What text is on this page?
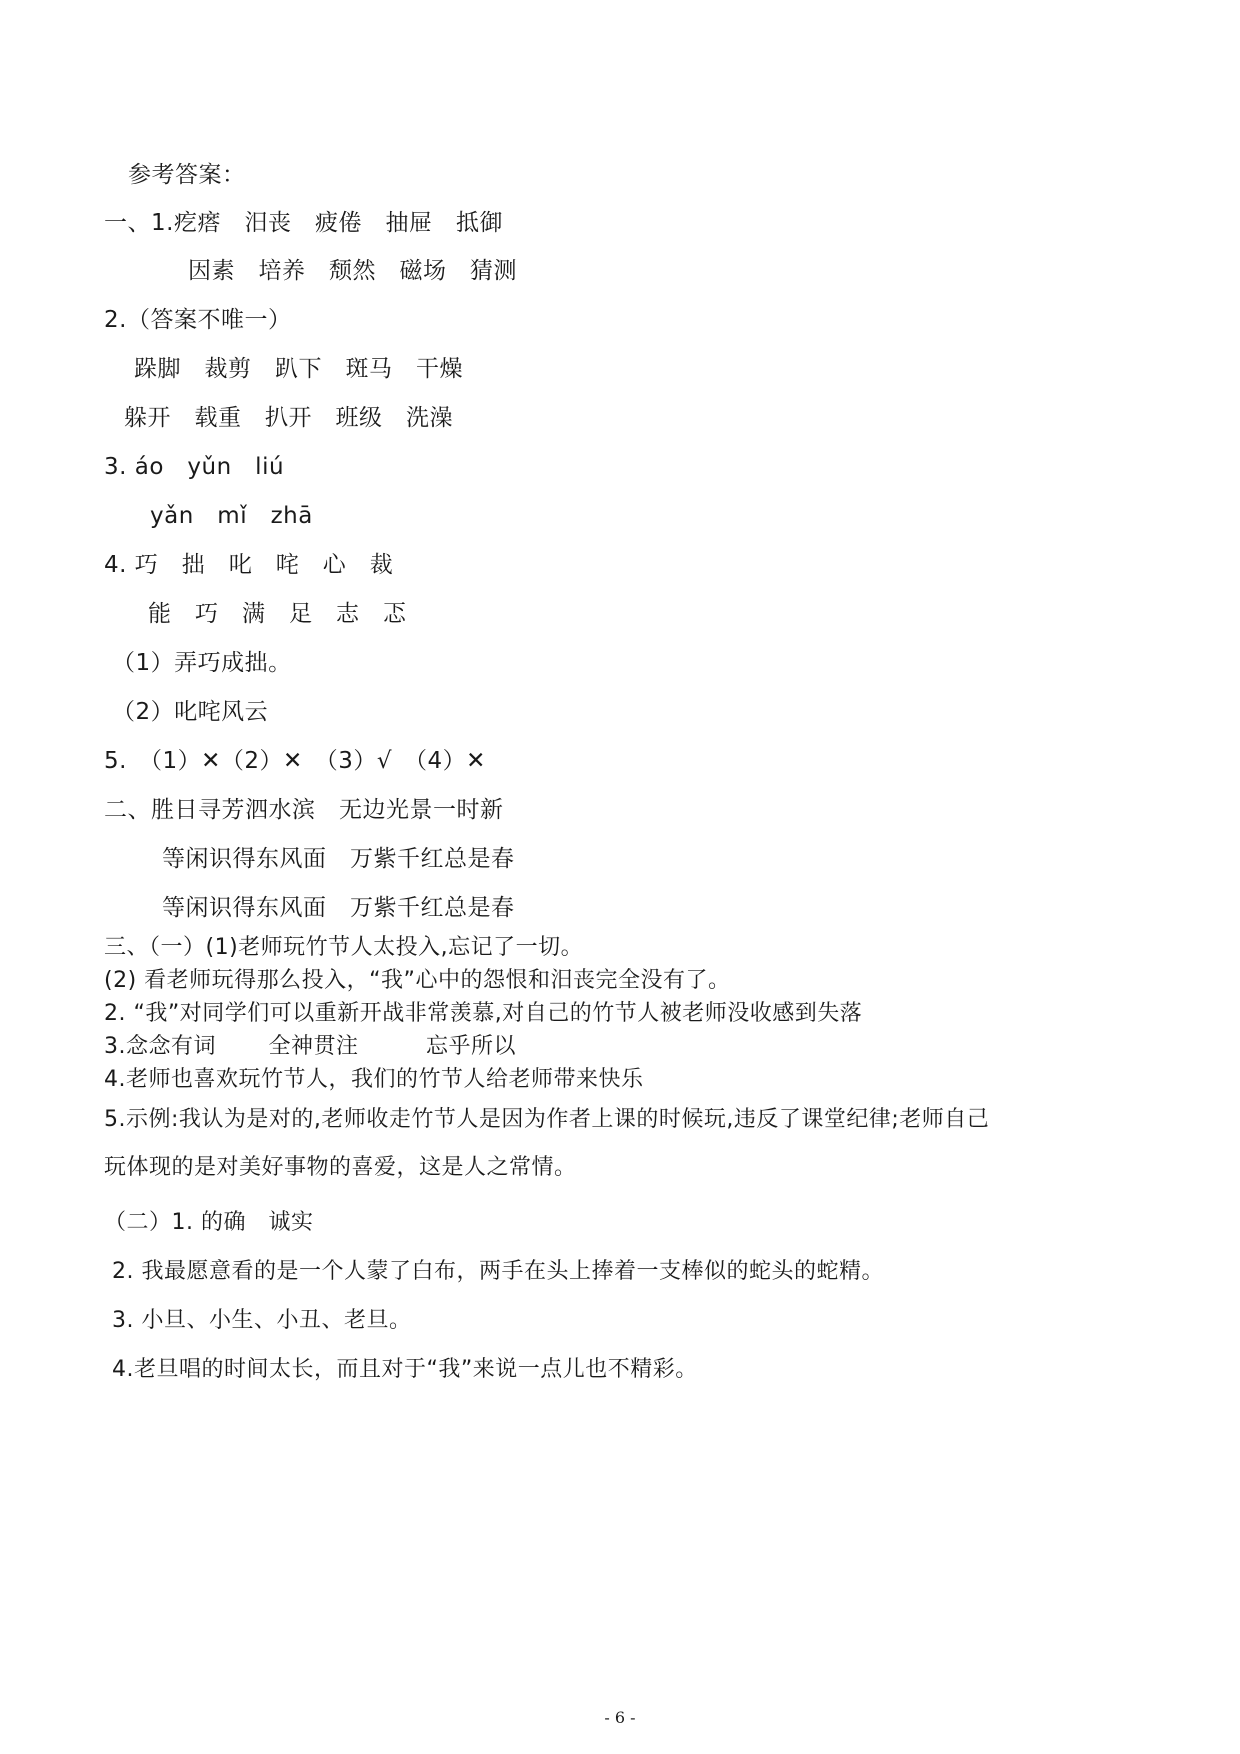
参考答案：
一、1.疙瘩　汨丧　疲倦　抽屉　抵御
因素　培养　颓然　磁场　猜测
2.（答案不唯一）
跺脚　裁剪　趴下　斑马　干燥
躲开　载重　扒开　班级　洗澡
3. áo　yǔn　liú
yǎn　mǐ　zhā
4. 巧　拙　叱　咤　心　裁
能　巧　满　足　志　忑
（1）弄巧成拙。
（2）叱咤风云
5.　（1）✕（2）✕　（3）√　（4）✕
二、胜日寻芳泗水滨　无边光景一时新
等闲识得东风面　万紫千红总是春
等闲识得东风面　万紫千红总是春
三、（一）(1)老师玩竹节人太投入,忘记了一切。
(2) 看老师玩得那么投入，“我”心中的怨恨和汨丧完全没有了。
2. “我”对同学们可以重新开战非常羡慕,对自己的竹节人被老师没收感到失落
3.念念有词　　 全神贯注　　　忘乎所以
4.老师也喜欢玩竹节人，我们的竹节人给老师带来快乐
5.示例:我认为是对的,老师收走竹节人是因为作者上课的时候玩,违反了课堂纪律;老师自己
玩体现的是对美好事物的喜爱，这是人之常情。
（二）1. 的确　诚实
2. 我最愿意看的是一个人蒙了白布，两手在头上捧着一支棒似的蛇头的蛇精。
3. 小旦、小生、小丑、老旦。
4.老旦唱的时间太长，而且对于“我”来说一点儿也不精彩。
- 6 -
